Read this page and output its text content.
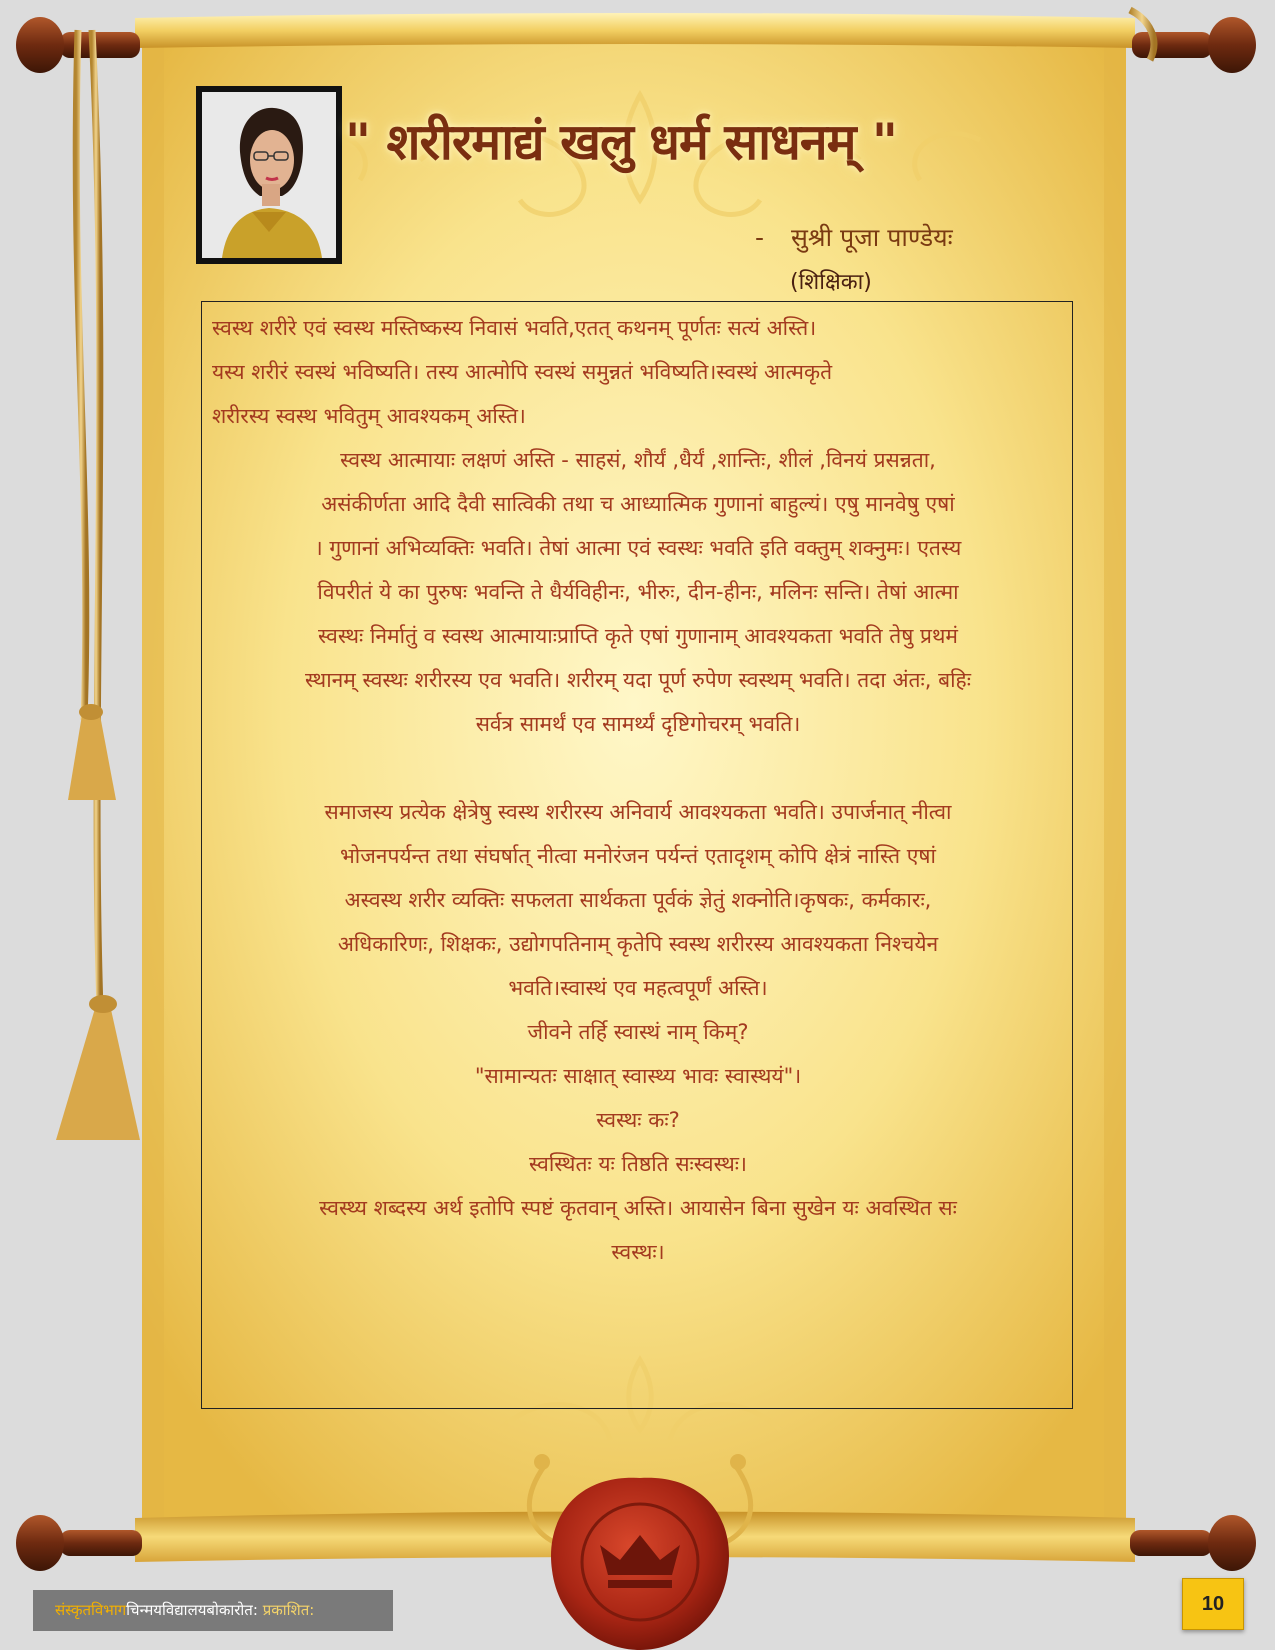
" शरीरमाद्यं खलु धर्म साधनम् "
- सुश्री पूजा पाण्डेयः
(शिक्षिका)

स्वस्थ शरीरे एवं स्वस्थ मस्तिष्कस्य निवासं भवति,एतत् कथनम् पूर्णतः सत्यं अस्ति।

यस्य शरीरं स्वस्थं भविष्यति। तस्य आत्मोपि स्वस्थं समुन्नतं भविष्यति।स्वस्थं आत्मकृते

शरीरस्य स्वस्थ भवितुम् आवश्यकम् अस्ति।

स्वस्थ आत्मायाः लक्षणं अस्ति - साहसं, शौर्यं ,धैर्यं ,शान्तिः, शीलं ,विनयं प्रसन्नता,

असंकीर्णता आदि दैवी सात्विकी तथा च आध्यात्मिक गुणानां बाहुल्यं। एषु मानवेषु एषां

। गुणानां अभिव्यक्तिः भवति। तेषां आत्मा एवं स्वस्थः भवति इति वक्तुम् शक्नुमः। एतस्य

विपरीतं ये का पुरुषः भवन्ति ते धैर्यविहीनः, भीरुः, दीन-हीनः, मलिनः सन्ति। तेषां आत्मा

स्वस्थः निर्मातुं व स्वस्थ आत्मायाःप्राप्ति कृते एषां गुणानाम् आवश्यकता भवति तेषु प्रथमं

स्थानम् स्वस्थः शरीरस्य एव भवति। शरीरम् यदा पूर्ण रुपेण स्वस्थम् भवति। तदा अंतः, बहिः

सर्वत्र सामर्थं एव सामर्थ्यं दृष्टिगोचरम् भवति।

समाजस्य प्रत्येक क्षेत्रेषु स्वस्थ शरीरस्य अनिवार्य आवश्यकता भवति। उपार्जनात् नीत्वा

भोजनपर्यन्त तथा संघर्षात् नीत्वा मनोरंजन पर्यन्तं एतादृशम् कोपि क्षेत्रं नास्ति एषां

अस्वस्थ शरीर व्यक्तिः सफलता सार्थकता पूर्वकं ज्ञेतुं शक्नोति।कृषकः, कर्मकारः,

अधिकारिणः, शिक्षकः, उद्योगपतिनाम् कृतेपि स्वस्थ शरीरस्य आवश्यकता निश्चयेन

भवति।स्वास्थं एव महत्वपूर्णं अस्ति।

जीवने तर्हि स्वास्थं नाम् किम्?

"सामान्यतः साक्षात् स्वास्थ्य भावः स्वास्थयं"।

स्वस्थः कः?

स्वस्थितः यः तिष्ठति सःस्वस्थः।

स्वस्थ्य शब्दस्य अर्थ इतोपि स्पष्टं कृतवान् अस्ति। आयासेन बिना सुखेन यः अवस्थित सः

स्वस्थः।

संस्कृतविभागचिन्मयविद्यालयबोकारोत: प्रकाशित:	10
